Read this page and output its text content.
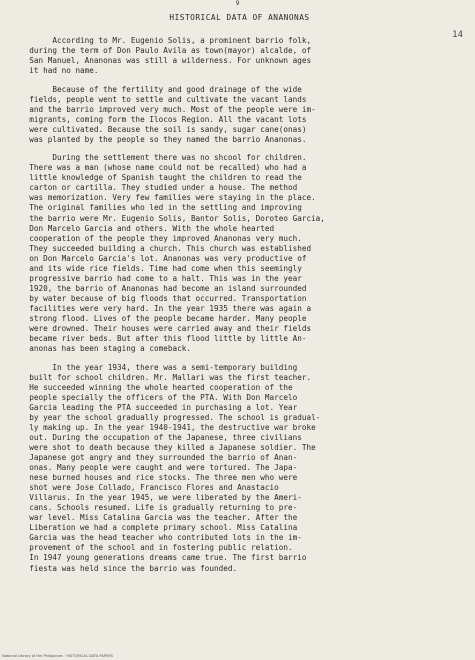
9
14
HISTORICAL DATA OF ANANONAS
According to Mr. Eugenio Solis, a prominent barrio folk,
during the term of Don Paulo Avila as town(mayor) alcalde, of
San Manuel, Ananonas was still a wilderness. For unknown ages
it had no name.
Because of the fertility and good drainage of the wide
fields, people went to settle and cultivate the vacant lands
and the barrio improved very much. Most of the people were im-
migrants, coming form the Ilocos Region. All the vacant lots
were cultivated. Because the soil is sandy, sugar cane(onas)
was planted by the people so they named the barrio Ananonas.
During the settlement there was no shcool for children.
There was a man (whose name could not be recalled) who had a
little knowledge of Spanish taught the children to read the
carton or cartilla. They studied under a house. The method
was memorization. Very few families were staying in the place.
The original families who led in the settling and improving
the barrio were Mr. Eugenio Solis, Bantor Solis, Doroteo Garcia,
Don Marcelo Garcia and others. With the whole hearted
cooperation of the people they improved Ananonas very much.
They succeeded building a church. This church was established
on Don Marcelo Garcia's lot. Ananonas was very productive of
and its wide rice fields. Time had come when this seemingly
progressive barrio had come to a halt. This was in the year
1920, the barrio of Ananonas had become an island surrounded
by water because of big floods that occurred. Transportation
facilities were very hard. In the year 1935 there was again a
strong flood. Lives of the people became harder. Many people
were drowned. Their houses were carried away and their fields
became river beds. But after this flood little by little An-
anonas has been staging a comeback.
In the year 1934, there was a semi-temporary building
built for school children. Mr. Mallari was the first teacher.
He succeeded winning the whole hearted cooperation of the
people specially the officers of the PTA. With Don Marcelo
Garcia leading the PTA succeeded in purchasing a lot. Year
by year the school gradually progressed. The school is gradual-
ly making up. In the year 1940-1941, the destructive war broke
out. During the occupation of the Japanese, three civilians
were shot to death because they killed a Japanese soldier. The
Japanese got angry and they surrounded the barrio of Anan-
onas. Many people were caught and were tortured. The Japa-
nese burned houses and rice stocks. The three men who were
shot were Jose Collado, Francisco Flores and Anastacio
Villarus. In the year 1945, we were liberated by the Ameri-
cans. Schools resumed. Life is gradually returning to pre-
war level. Miss Catalina Garcia was the teacher. After the
Liberation we had a complete primary school. Miss Catalina
Garcia was the head teacher who contributed lots in the im-
provement of the school and in fostering public relation.
In 1947 young generations dreams came true. The first barrio
fiesta was held since the barrio was founded.
National Library of the Philippines · HISTORICAL DATA PAPERS
